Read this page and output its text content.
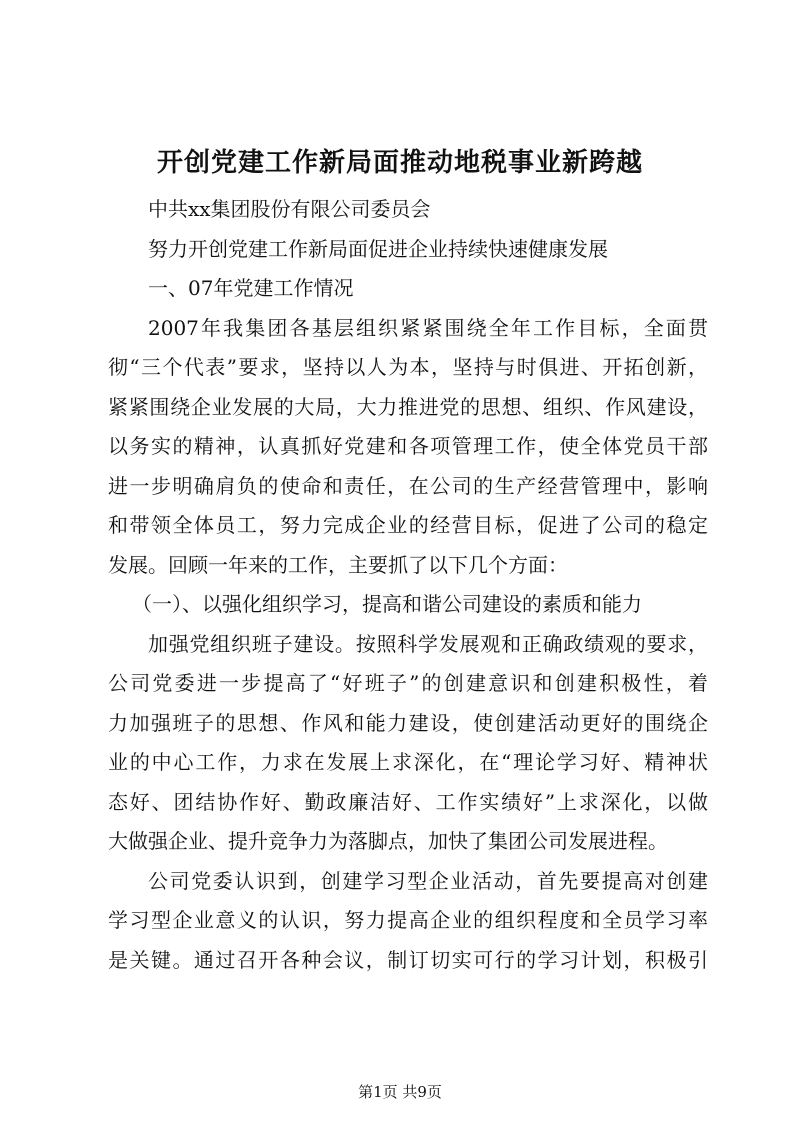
开创党建工作新局面推动地税事业新跨越
中共xx集团股份有限公司委员会
努力开创党建工作新局面促进企业持续快速健康发展
一、07年党建工作情况
2007年我集团各基层组织紧紧围绕全年工作目标，全面贯
彻“三个代表”要求，坚持以人为本，坚持与时俱进、开拓创新，
紧紧围绕企业发展的大局，大力推进党的思想、组织、作风建设，
以务实的精神，认真抓好党建和各项管理工作，使全体党员干部
进一步明确肩负的使命和责任，在公司的生产经营管理中，影响
和带领全体员工，努力完成企业的经营目标，促进了公司的稳定
发展。回顾一年来的工作，主要抓了以下几个方面：
（一）、以强化组织学习，提高和谐公司建设的素质和能力
加强党组织班子建设。按照科学发展观和正确政绩观的要求，
公司党委进一步提高了“好班子”的创建意识和创建积极性，着
力加强班子的思想、作风和能力建设，使创建活动更好的围绕企
业的中心工作，力求在发展上求深化，在“理论学习好、精神状
态好、团结协作好、勤政廉洁好、工作实绩好”上求深化，以做
大做强企业、提升竞争力为落脚点，加快了集团公司发展进程。
公司党委认识到，创建学习型企业活动，首先要提高对创建
学习型企业意义的认识，努力提高企业的组织程度和全员学习率
是关键。通过召开各种会议，制订切实可行的学习计划，积极引
第1页 共9页
